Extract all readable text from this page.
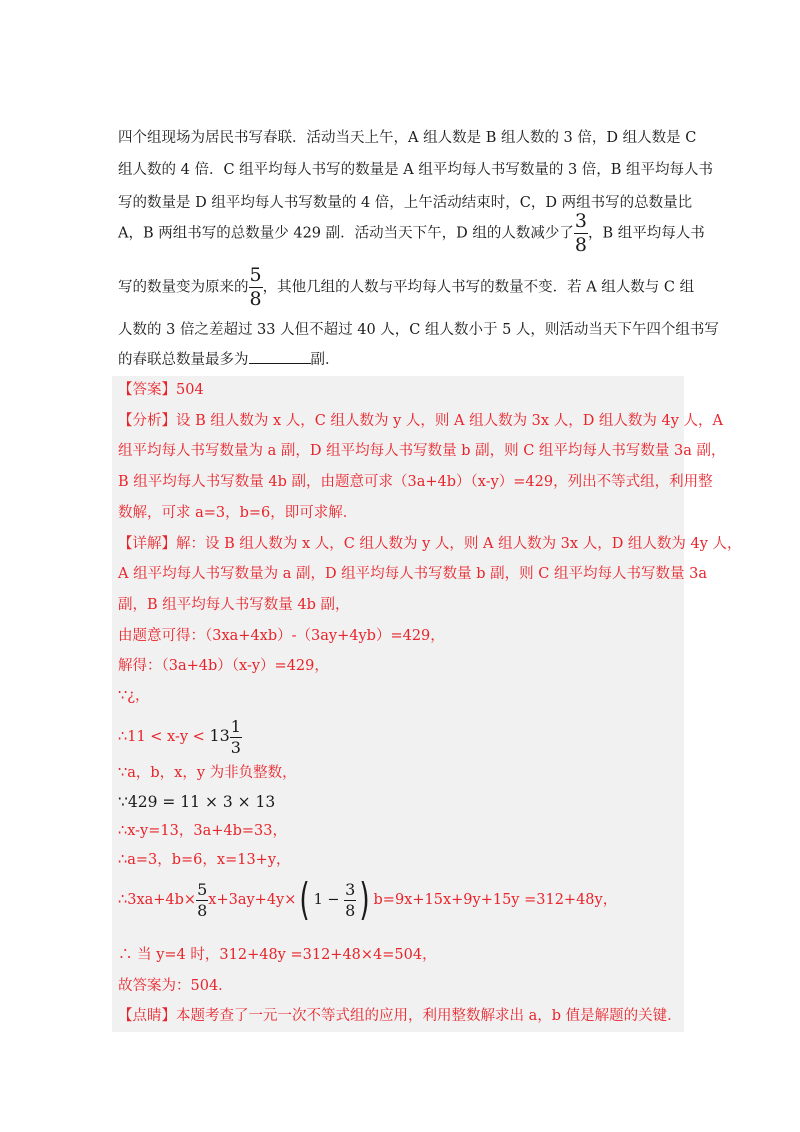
四个组现场为居民书写春联．活动当天上午，A 组人数是 B 组人数的 3 倍，D 组人数是 C
组人数的 4 倍．C 组平均每人书写的数量是 A 组平均每人书写数量的 3 倍，B 组平均每人书
写的数量是 D 组平均每人书写数量的 4 倍，上午活动结束时，C，D 两组书写的总数量比
A，B 两组书写的总数量少 429 副．活动当天下午，D 组的人数减少了 $\frac{3}{8}$ ，B 组平均每人书
写的数量变为原来的 $\frac{5}{8}$ ，其他几组的人数与平均每人书写的数量不变．若 A 组人数与 C 组
人数的 3 倍之差超过 33 人但不超过 40 人，C 组人数小于 5 人，则活动当天下午四个组书写
的春联总数量最多为	副．
【答案】504
【分析】设 B 组人数为 x 人，C 组人数为 y 人，则 A 组人数为 3x 人，D 组人数为 4y 人，A
组平均每人书写数量为 a 副，D 组平均每人书写数量 b 副，则 C 组平均每人书写数量 3a 副，
B 组平均每人书写数量 4b 副，由题意可求（3a+4b）（x-y）=429，列出不等式组，利用整
数解，可求 a=3，b=6，即可求解．
【详解】解：设 B 组人数为 x 人，C 组人数为 y 人，则 A 组人数为 3x 人，D 组人数为 4y 人，
A 组平均每人书写数量为 a 副，D 组平均每人书写数量 b 副，则 C 组平均每人书写数量 3a
副，B 组平均每人书写数量 4b 副，
由题意可得：（3xa+4xb）-（3ay+4yb）=429，
解得：（3a+4b）（x-y）=429，
∵¿，
∴11 < $x-y < 13 \frac{1}{3}$
∵a，b，x，y 为非负整数，
∵429 = 11 × 3 × 13
∴x-y=13，3a+4b=33，
∴a=3，b=6，x=13+y，
∴3xa+4b× $\frac{5}{8} x+3ay+4y\times$( $1 - \frac{3}{8}$ ) b=9x+15x+9y+15y =312+48y，
∴ 当 y=4 时，312+48y =312+48×4=504，
故答案为：504．
【点睛】本题考查了一元一次不等式组的应用，利用整数解求出 a，b 值是解题的关键．
